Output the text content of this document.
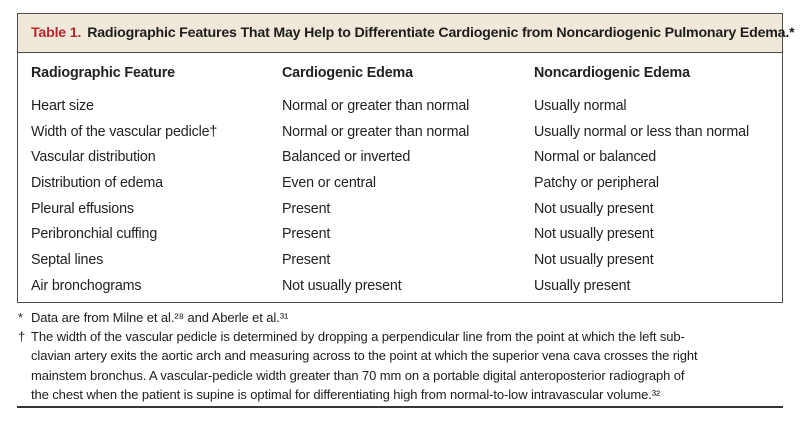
Table 1. Radiographic Features That May Help to Differentiate Cardiogenic from Noncardiogenic Pulmonary Edema.*
Radiographic Feature	Cardiogenic Edema	Noncardiogenic Edema
Heart size	Normal or greater than normal	Usually normal
Width of the vascular pedicle†	Normal or greater than normal	Usually normal or less than normal
Vascular distribution	Balanced or inverted	Normal or balanced
Distribution of edema	Even or central	Patchy or peripheral
Pleural effusions	Present	Not usually present
Peribronchial cuffing	Present	Not usually present
Septal lines	Present	Not usually present
Air bronchograms	Not usually present	Usually present
* Data are from Milne et al.²⁸ and Aberle et al.³¹
† The width of the vascular pedicle is determined by dropping a perpendicular line from the point at which the left sub-
clavian artery exits the aortic arch and measuring across to the point at which the superior vena cava crosses the right
mainstem bronchus. A vascular-pedicle width greater than 70 mm on a portable digital anteroposterior radiograph of
the chest when the patient is supine is optimal for differentiating high from normal-to-low intravascular volume.³²
